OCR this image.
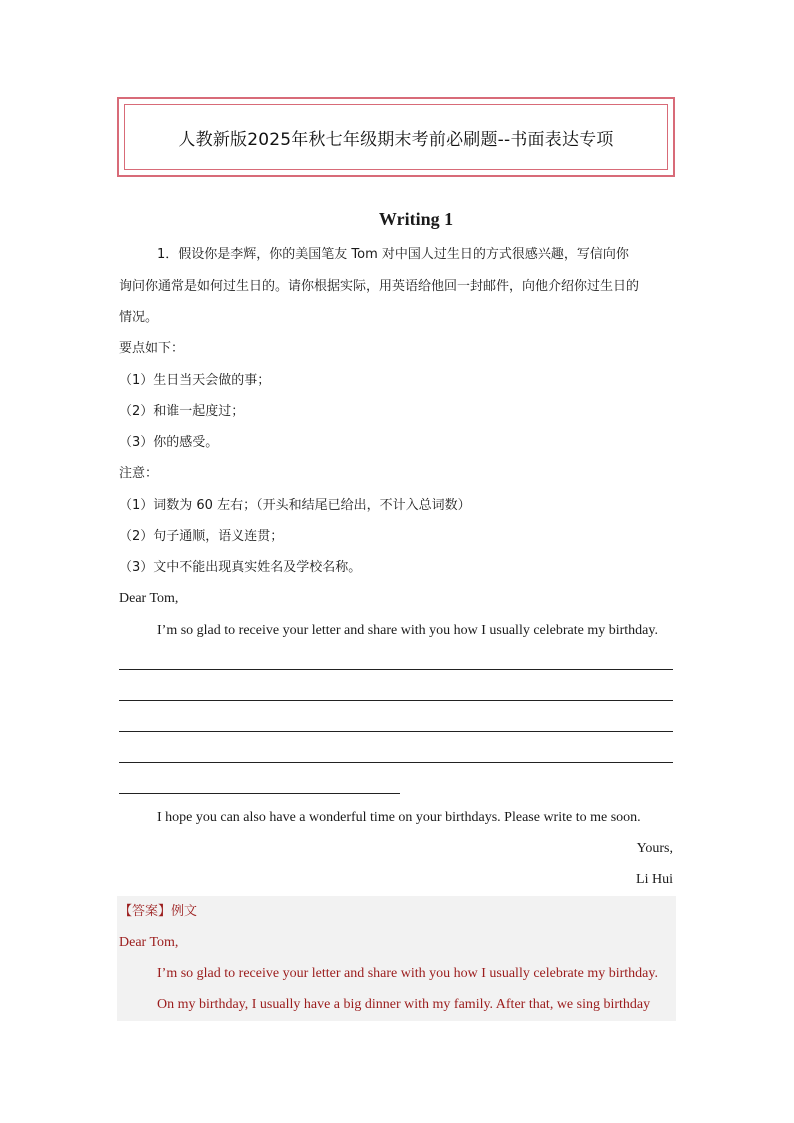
人教新版2025年秋七年级期末考前必刷题--书面表达专项
Writing 1
1．假设你是李辉，你的美国笔友 Tom 对中国人过生日的方式很感兴趣，写信向你
询问你通常是如何过生日的。请你根据实际，用英语给他回一封邮件，向他介绍你过生日的
情况。
要点如下：
（1）生日当天会做的事；
（2）和谁一起度过；
（3）你的感受。
注意：
（1）词数为 60 左右；（开头和结尾已给出，不计入总词数）
（2）句子通顺，语义连贯；
（3）文中不能出现真实姓名及学校名称。
Dear Tom,
I’m so glad to receive your letter and share with you how I usually celebrate my birthday.
I hope you can also have a wonderful time on your birthdays. Please write to me soon.
Yours,
Li Hui
【答案】例文
Dear Tom,
I’m so glad to receive your letter and share with you how I usually celebrate my birthday.
On my birthday, I usually have a big dinner with my family. After that, we sing birthday
